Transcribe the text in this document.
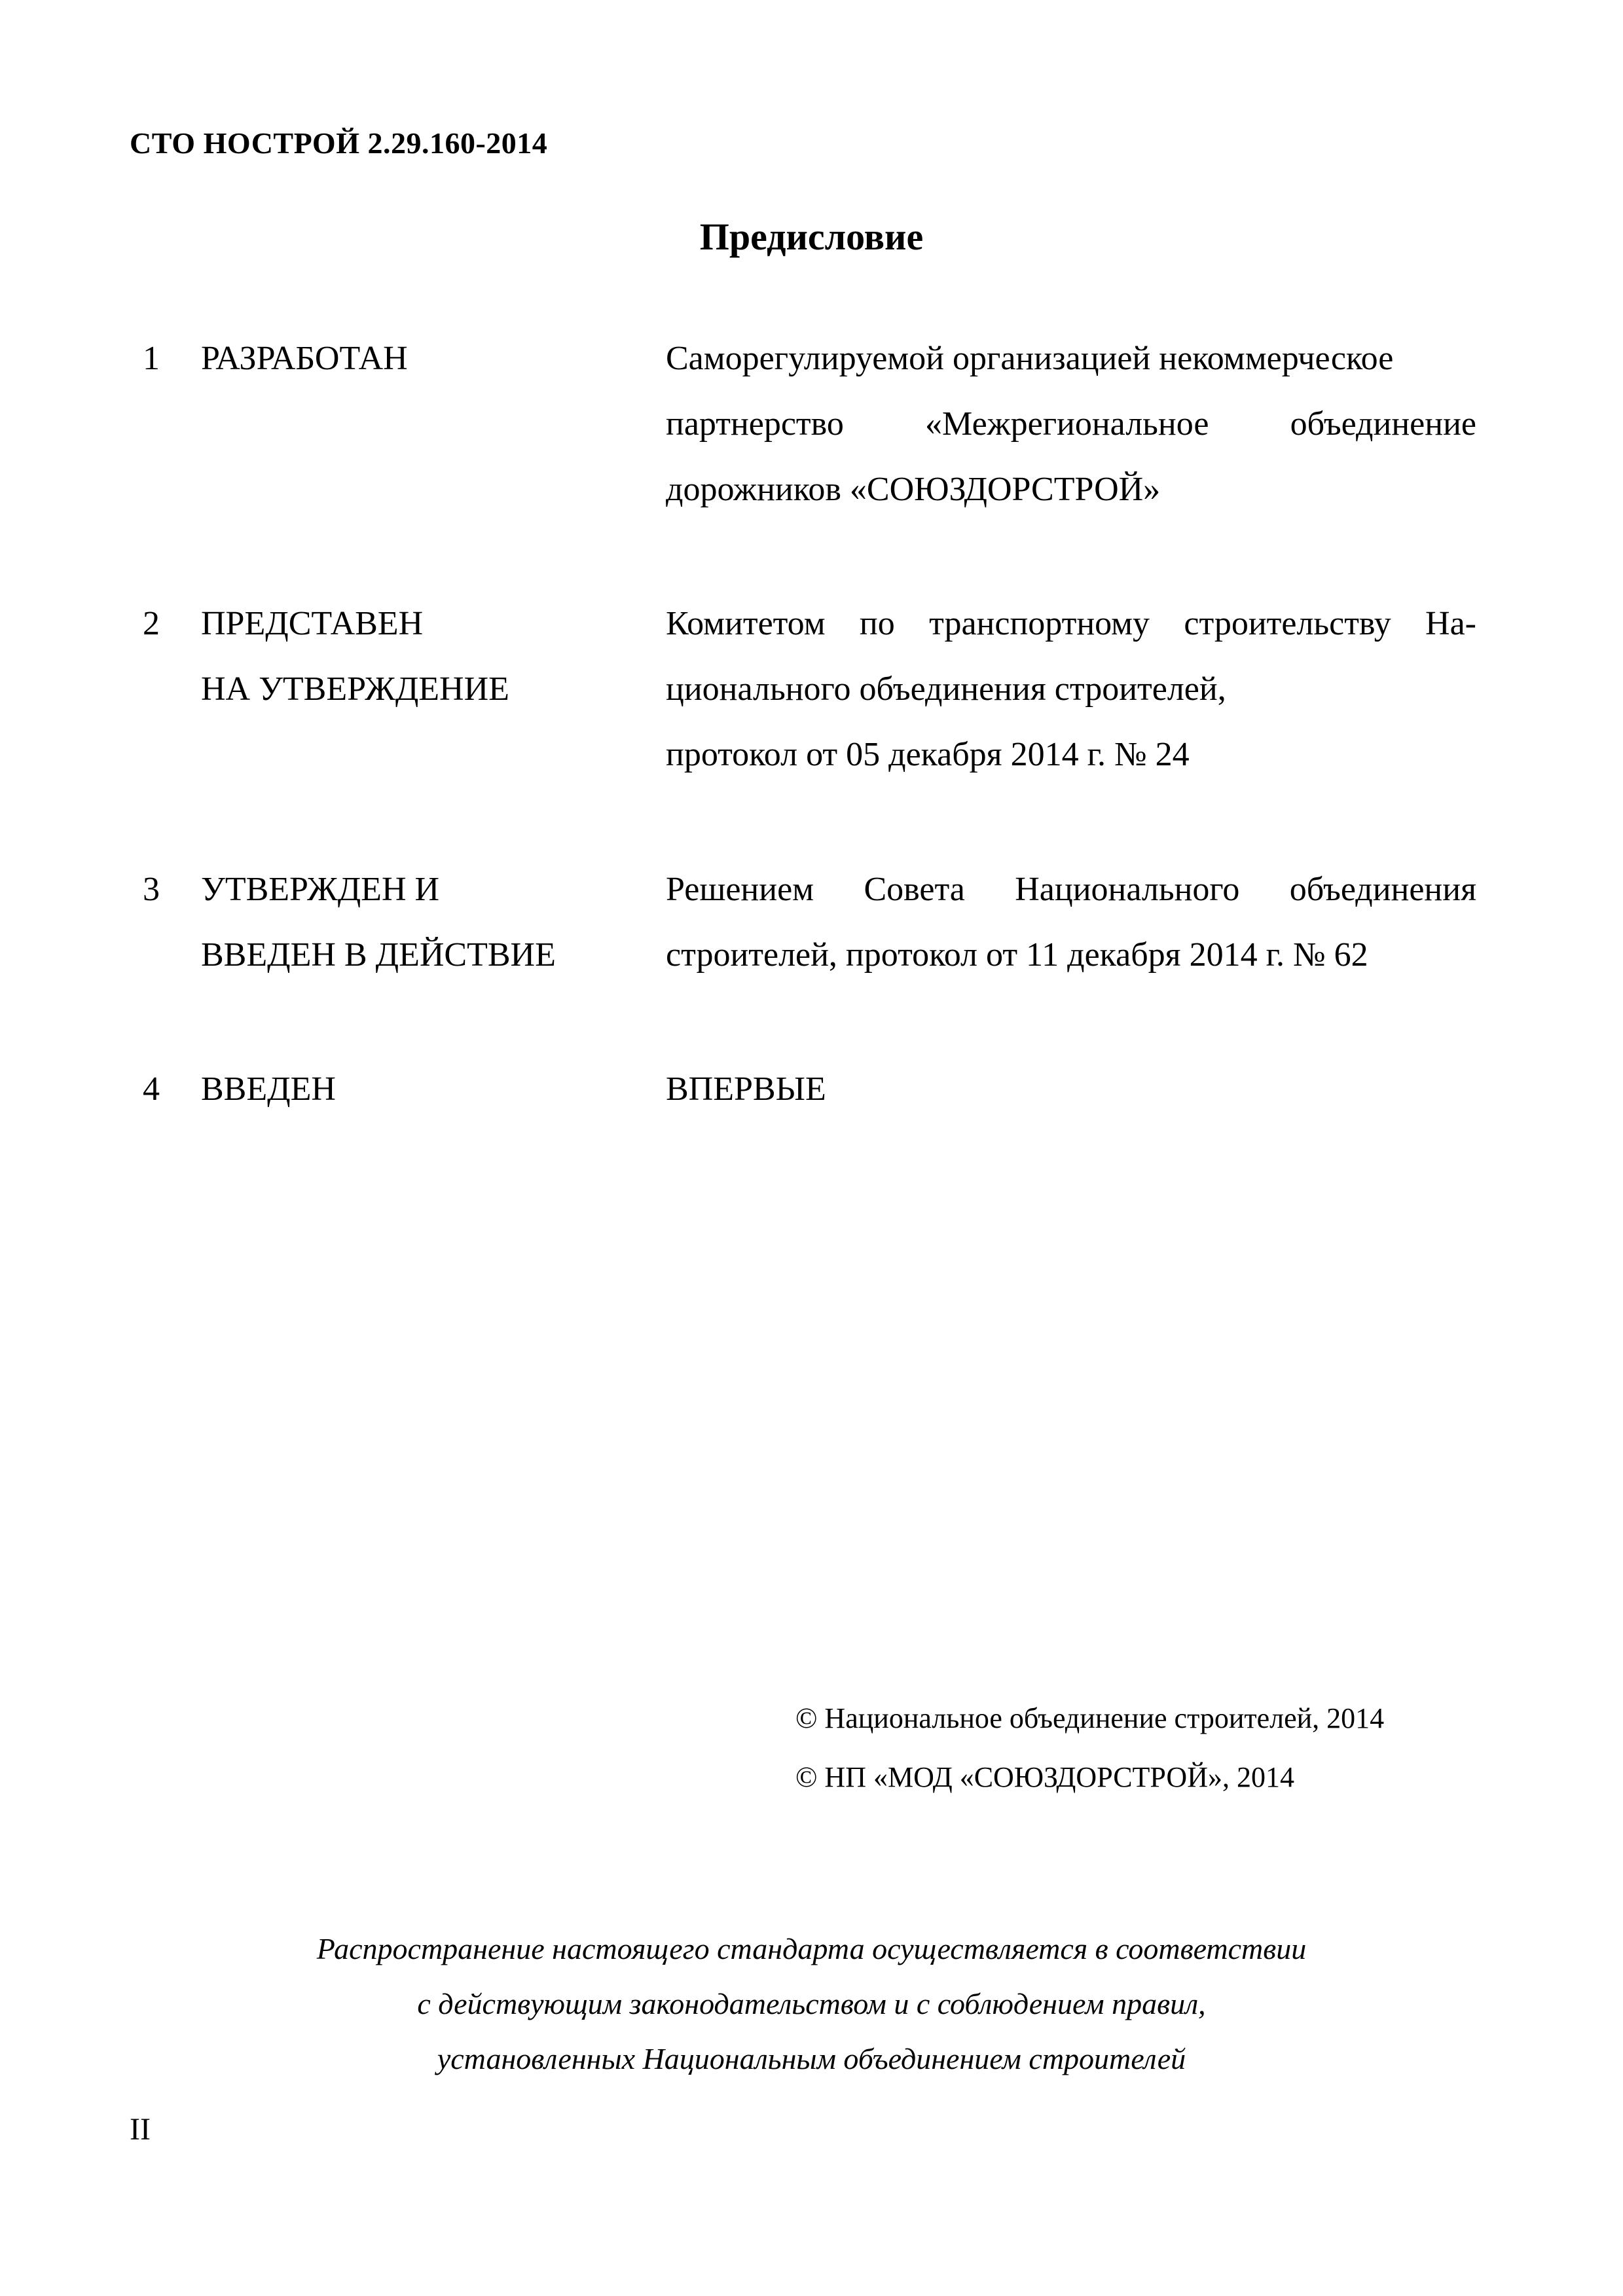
СТО НОСТРОЙ 2.29.160-2014
Предисловие
1 РАЗРАБОТАН	Саморегулируемой организацией некоммерческое
партнерство «Межрегиональное объединение
дорожников «СОЮЗДОРСТРОЙ»
2 ПРЕДСТАВЕН
НА УТВЕРЖДЕНИЕ
Комитетом по транспортному строительству На-
ционального объединения строителей,
протокол от 05 декабря 2014 г. № 24
3 УТВЕРЖДЕН И
ВВЕДЕН В ДЕЙСТВИЕ
Решением Совета Национального объединения
строителей, протокол от 11 декабря 2014 г. № 62
4 ВВЕДЕН	ВПЕРВЫЕ
© Национальное объединение строителей, 2014
© НП «МОД «СОЮЗДОРСТРОЙ», 2014
Распространение настоящего стандарта осуществляется в соответствии
с действующим законодательством и с соблюдением правил,
установленных Национальным объединением строителей
II
